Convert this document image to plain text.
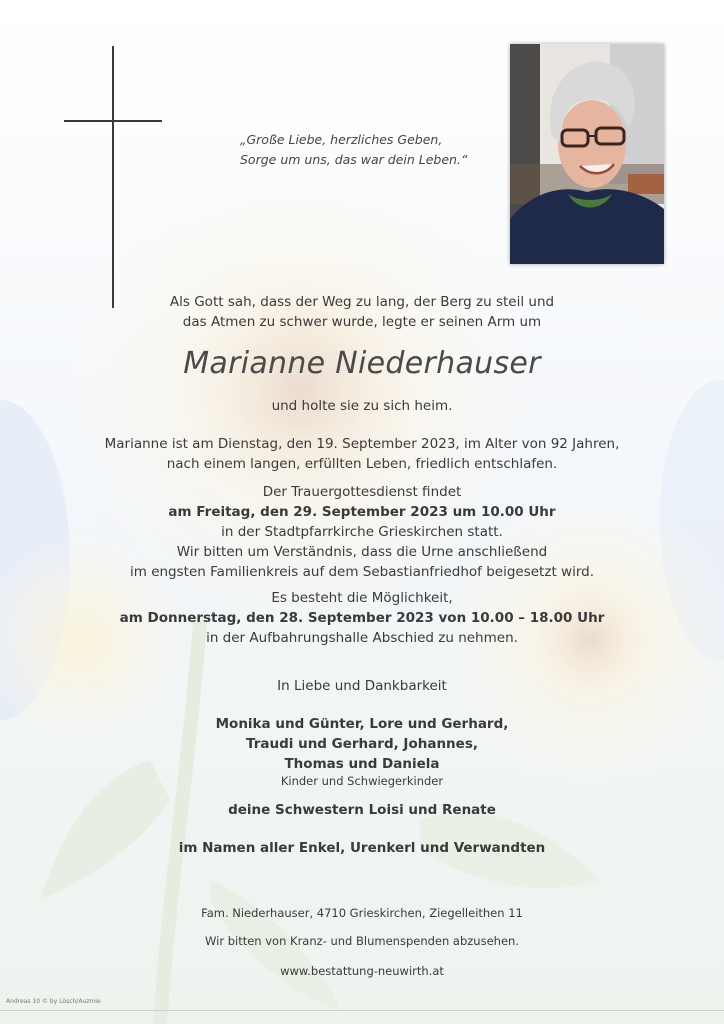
„Große Liebe, herzliches Geben,
Sorge um uns, das war dein Leben.“
Als Gott sah, dass der Weg zu lang, der Berg zu steil und
das Atmen zu schwer wurde, legte er seinen Arm um
Marianne Niederhauser
und holte sie zu sich heim.
Marianne ist am Dienstag, den 19. September 2023, im Alter von 92 Jahren,
nach einem langen, erfüllten Leben, friedlich entschlafen.
Der Trauergottesdienst findet
am Freitag, den 29. September 2023 um 10.00 Uhr
in der Stadtpfarrkirche Grieskirchen statt.
Wir bitten um Verständnis, dass die Urne anschließend
im engsten Familienkreis auf dem Sebastianfriedhof beigesetzt wird.
Es besteht die Möglichkeit,
am Donnerstag, den 28. September 2023 von 10.00 – 18.00 Uhr
in der Aufbahrungshalle Abschied zu nehmen.
In Liebe und Dankbarkeit
Monika und Günter, Lore und Gerhard,
Traudi und Gerhard, Johannes,
Thomas und Daniela
Kinder und Schwiegerkinder
deine Schwestern Loisi und Renate
im Namen aller Enkel, Urenkerl und Verwandten
Fam. Niederhauser, 4710 Grieskirchen, Ziegelleithen 11
Wir bitten von Kranz- und Blumenspenden abzusehen.
www.bestattung-neuwirth.at
Andreas 10 © by Lösch/Auzmie
